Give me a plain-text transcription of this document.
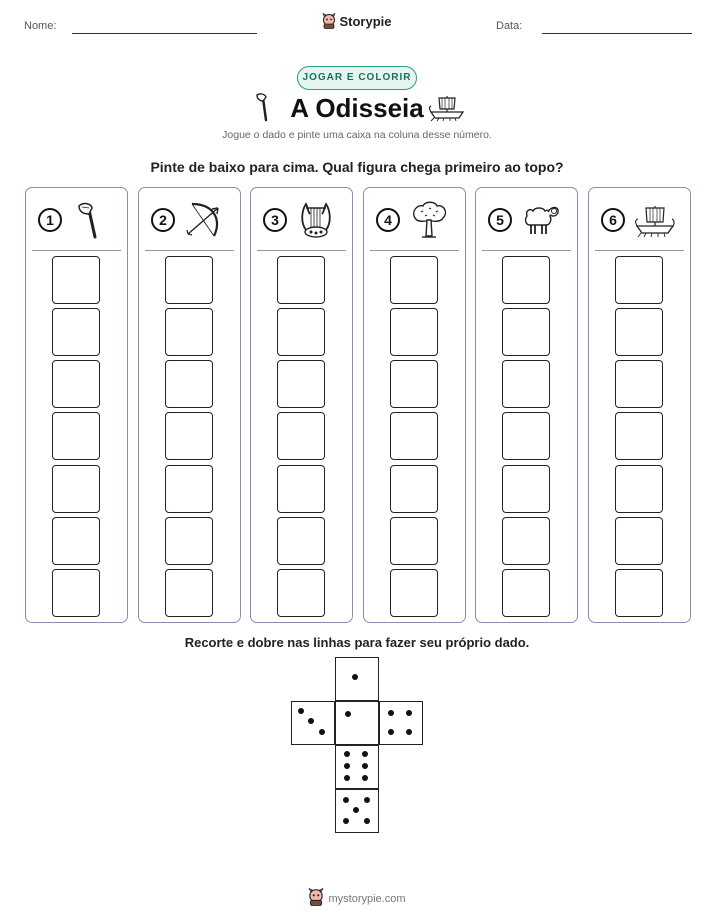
Nome:	Storypie	Data:
JOGAR E COLORIR
A Odisseia
Jogue o dado e pinte uma caixa na coluna desse número.
Pinte de baixo para cima. Qual figura chega primeiro ao topo?
1	2	3	4	5	6
Recorte e dobre nas linhas para fazer seu próprio dado.
mystorypie.com
